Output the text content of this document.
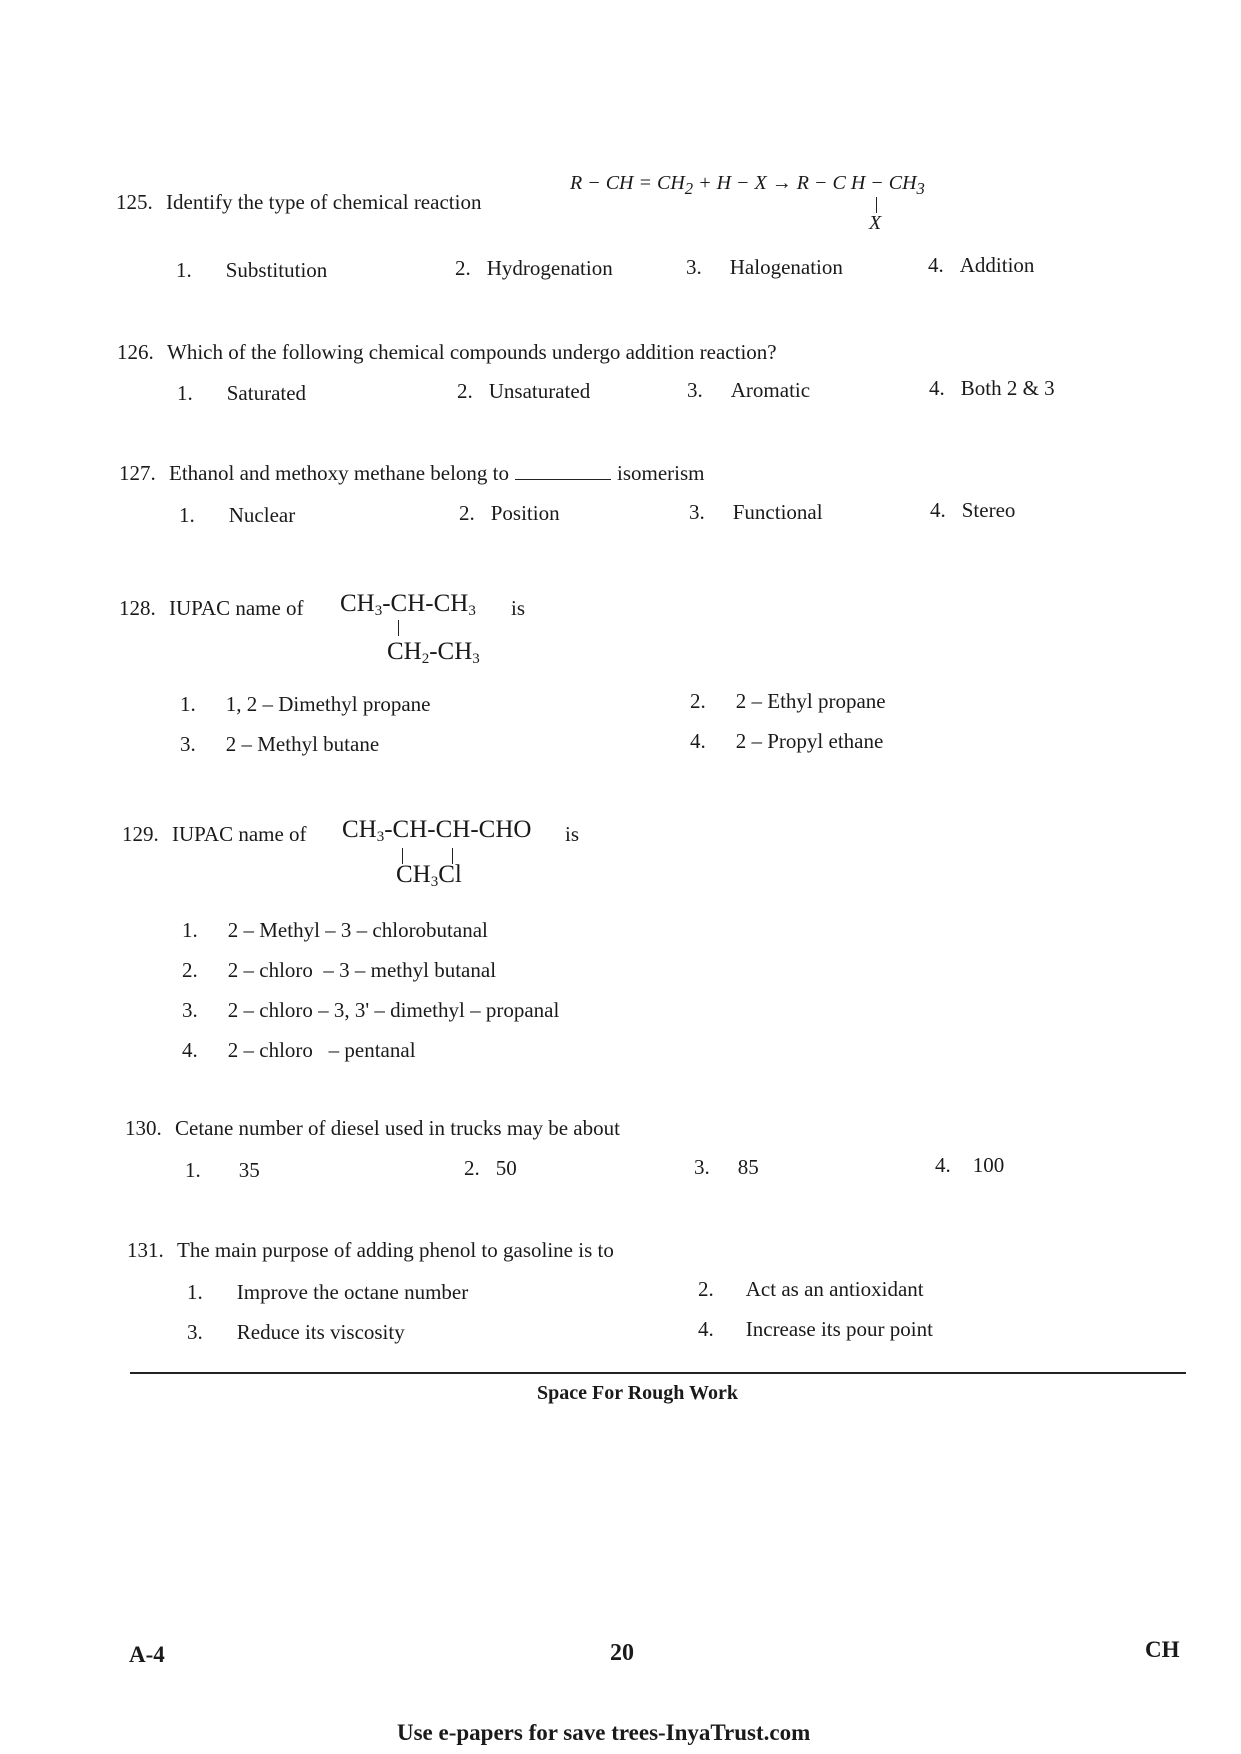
125. Identify the type of chemical reaction
R − CH = $CH_2 + H - X \to R - C$ $H - CH_3$
X
1. Substitution	2. Hydrogenation	3. Halogenation	4. Addition
126. Which of the following chemical compounds undergo addition reaction?
1. Saturated	2. Unsaturated	3. Aromatic	4. Both 2 & 3
127. Ethanol and methoxy methane belong to	isomerism
1. Nuclear	2. Position	3. Functional	4. Stereo
128. IUPAC name of $CH_3-CH-CH_3$ is
$CH_2-CH_3$
1. 1, 2 – Dimethyl propane	2. 2 – Ethyl propane
3. 2 – Methyl butane	4. 2 – Propyl ethane
129. IUPAC name of $CH_3-CH-CH$-CHO is
$CH_3Cl$
1. 2 – Methyl – 3 – chlorobutanal
2. 2 – chloro  – 3 – methyl butanal
3. 2 – chloro – 3, 3' – dimethyl – propanal
4. 2 – chloro   – pentanal
130. Cetane number of diesel used in trucks may be about
1. 35	2. 50	3. 85	4. 100
131. The main purpose of adding phenol to gasoline is to
1. Improve the octane number	2. Act as an antioxidant
3. Reduce its viscosity	4. Increase its pour point
Space For Rough Work
A-4	20	CH
Use e-papers for save trees-InyaTrust.com
